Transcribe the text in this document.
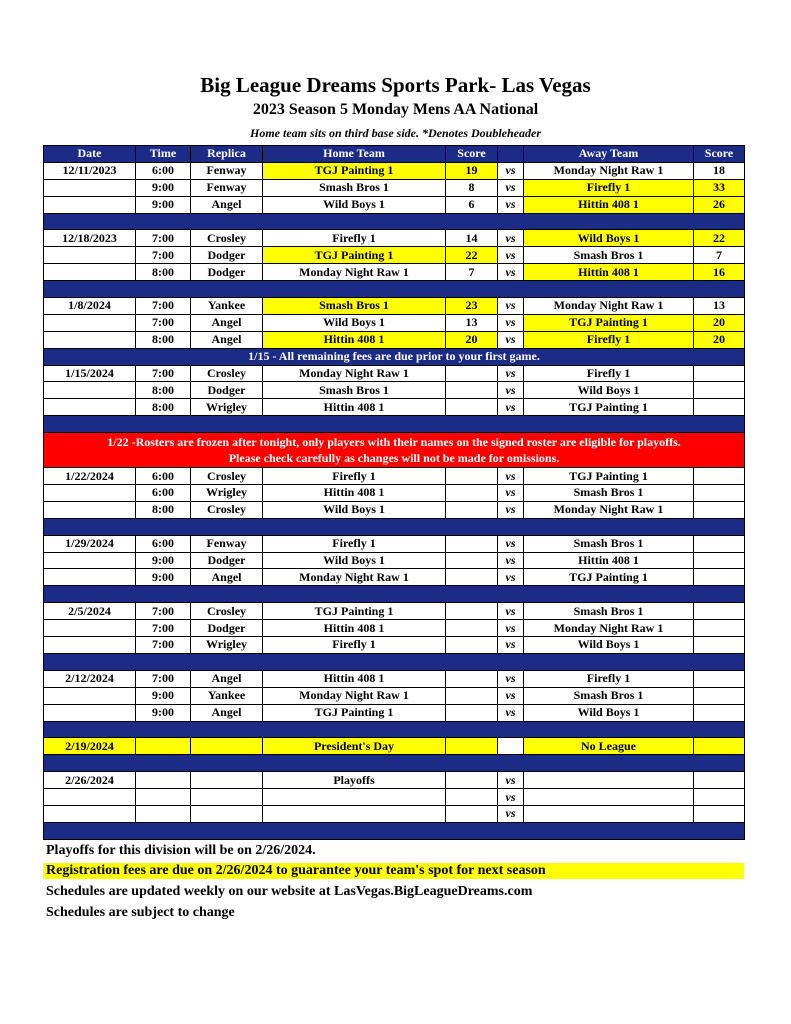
Big League Dreams Sports Park- Las Vegas
2023 Season 5 Monday Mens AA National
Home team sits on third base side. *Denotes Doubleheader
Date	Time	Replica	Home Team	Score		Away Team	Score
12/11/2023	6:00	Fenway	TGJ Painting 1	19	vs	Monday Night Raw 1	18
	9:00	Fenway	Smash Bros 1	8	vs	Firefly 1	33
	9:00	Angel	Wild Boys 1	6	vs	Hittin 408 1	26

12/18/2023	7:00	Crosley	Firefly 1	14	vs	Wild Boys 1	22
	7:00	Dodger	TGJ Painting 1	22	vs	Smash Bros 1	7
	8:00	Dodger	Monday Night Raw 1	7	vs	Hittin 408 1	16

1/8/2024	7:00	Yankee	Smash Bros 1	23	vs	Monday Night Raw 1	13
	7:00	Angel	Wild Boys 1	13	vs	TGJ Painting 1	20
	8:00	Angel	Hittin 408 1	20	vs	Firefly 1	20
1/15 - All remaining fees are due prior to your first game.							
1/15/2024	7:00	Crosley	Monday Night Raw 1		vs	Firefly 1	
	8:00	Dodger	Smash Bros 1		vs	Wild Boys 1	
	8:00	Wrigley	Hittin 408 1		vs	TGJ Painting 1	

1/22 -Rosters are frozen after tonight, only players with their names on the signed roster are eligible for playoffs.
Please check carefully as changes will not be made for omissions.							

1/22/2024	6:00	Crosley	Firefly 1		vs	TGJ Painting 1	
	6:00	Wrigley	Hittin 408 1		vs	Smash Bros 1	
	8:00	Crosley	Wild Boys 1		vs	Monday Night Raw 1	

1/29/2024	6:00	Fenway	Firefly 1		vs	Smash Bros 1	
	9:00	Dodger	Wild Boys 1		vs	Hittin 408 1	
	9:00	Angel	Monday Night Raw 1		vs	TGJ Painting 1	

2/5/2024	7:00	Crosley	TGJ Painting 1		vs	Smash Bros 1	
	7:00	Dodger	Hittin 408 1		vs	Monday Night Raw 1	
	7:00	Wrigley	Firefly 1		vs	Wild Boys 1	

2/12/2024	7:00	Angel	Hittin 408 1		vs	Firefly 1	
	9:00	Yankee	Monday Night Raw 1		vs	Smash Bros 1	
	9:00	Angel	TGJ Painting 1		vs	Wild Boys 1	

2/19/2024			President's Day			No League	

2/26/2024			Playoffs		vs		
					vs		
					vs		

Playoffs for this division will be on 2/26/2024.
Registration fees are due on 2/26/2024 to guarantee your team's spot for next season
Schedules are updated weekly on our website at LasVegas.BigLeagueDreams.com
Schedules are subject to change
